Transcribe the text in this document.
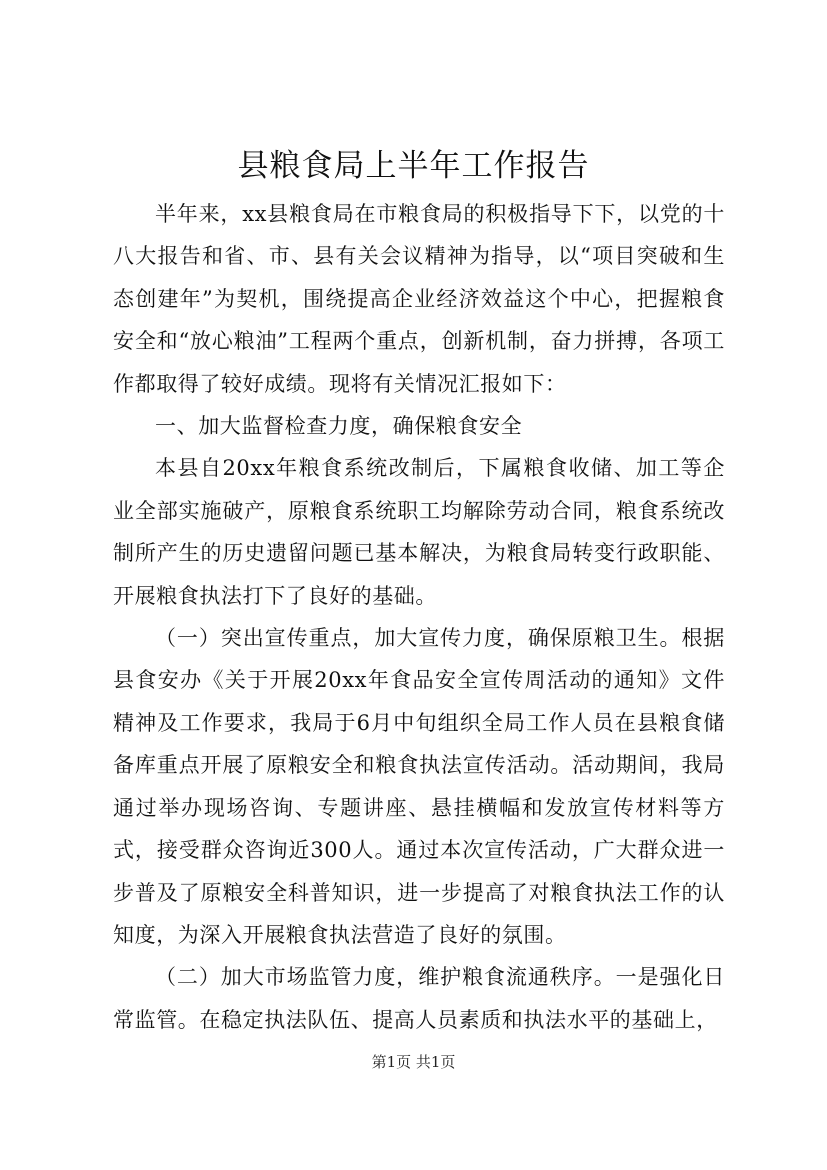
县粮食局上半年工作报告

半年来，xx县粮食局在市粮食局的积极指导下下，以党的十八大报告和省、市、县有关会议精神为指导，以“项目突破和生态创建年”为契机，围绕提高企业经济效益这个中心，把握粮食安全和“放心粮油”工程两个重点，创新机制，奋力拼搏，各项工作都取得了较好成绩。现将有关情况汇报如下：

一、加大监督检查力度，确保粮食安全

本县自20xx年粮食系统改制后，下属粮食收储、加工等企业全部实施破产，原粮食系统职工均解除劳动合同，粮食系统改制所产生的历史遗留问题已基本解决，为粮食局转变行政职能、开展粮食执法打下了良好的基础。

（一）突出宣传重点，加大宣传力度，确保原粮卫生。根据县食安办《关于开展20xx年食品安全宣传周活动的通知》文件精神及工作要求，我局于6月中旬组织全局工作人员在县粮食储备库重点开展了原粮安全和粮食执法宣传活动。活动期间，我局通过举办现场咨询、专题讲座、悬挂横幅和发放宣传材料等方式，接受群众咨询近300人。通过本次宣传活动，广大群众进一步普及了原粮安全科普知识，进一步提高了对粮食执法工作的认知度，为深入开展粮食执法营造了良好的氛围。

（二）加大市场监管力度，维护粮食流通秩序。一是强化日常监管。在稳定执法队伍、提高人员素质和执法水平的基础上，

第1页 共1页
